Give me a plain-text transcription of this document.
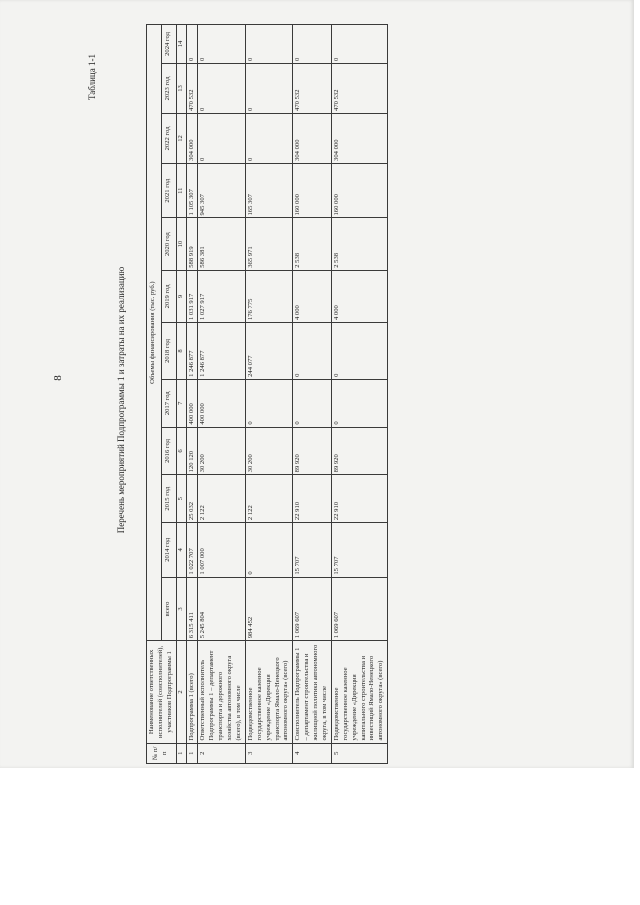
8
Таблица 1-1
Перечень мероприятий Подпрограммы 1 и затраты на их реализацию
№ п/п	Наименование ответственных исполнителей (соисполнителей), участников Подпрограммы 1	Объемы финансирования (тыс. руб.)											
		всего	2014 год	2015 год	2016 год	2017 год	2018 год	2019 год	2020 год	2021 год	2022 год	2023 год	2024 год
1	2	3	4	5	6	7	8	9	10	11	12	13	14
1	Подпрограмма 1 (всего)	6 315 411	1 022 707	25 032	120 120	400 000	1 246 877	1 031 917	588 919	1 105 307	304 000	470 532	0
2	Ответственный исполнитель Подпрограммы 1 – департамент транспорта и дорожного хозяйства автономного округа (всего), в том числе	5 245 804	1 007 000	2 122	30 200	400 000	1 246 877	1 027 917	586 381	945 307	0	0	0
3	Подведомственное государственное казенное учреждение «Дирекция транспорта Ямало-Ненецкого автономного округа» (всего)	984 452	0	2 122	30 200	0	244 077	176 775	365 971	165 307	0	0	0
4	Соисполнитель Подпрограммы 1 – департамент строительства и жилищной политики автономного округа, в том числе	1 069 607	15 707	22 910	89 920	0	0	4 000	2 538	160 000	304 000	470 532	0
5	Подведомственное государственное казенное учреждение «Дирекция капитального строительства и инвестиций Ямало-Ненецкого автономного округа» (всего)	1 069 607	15 707	22 910	89 920	0	0	4 000	2 538	160 000	304 000	470 532	0
